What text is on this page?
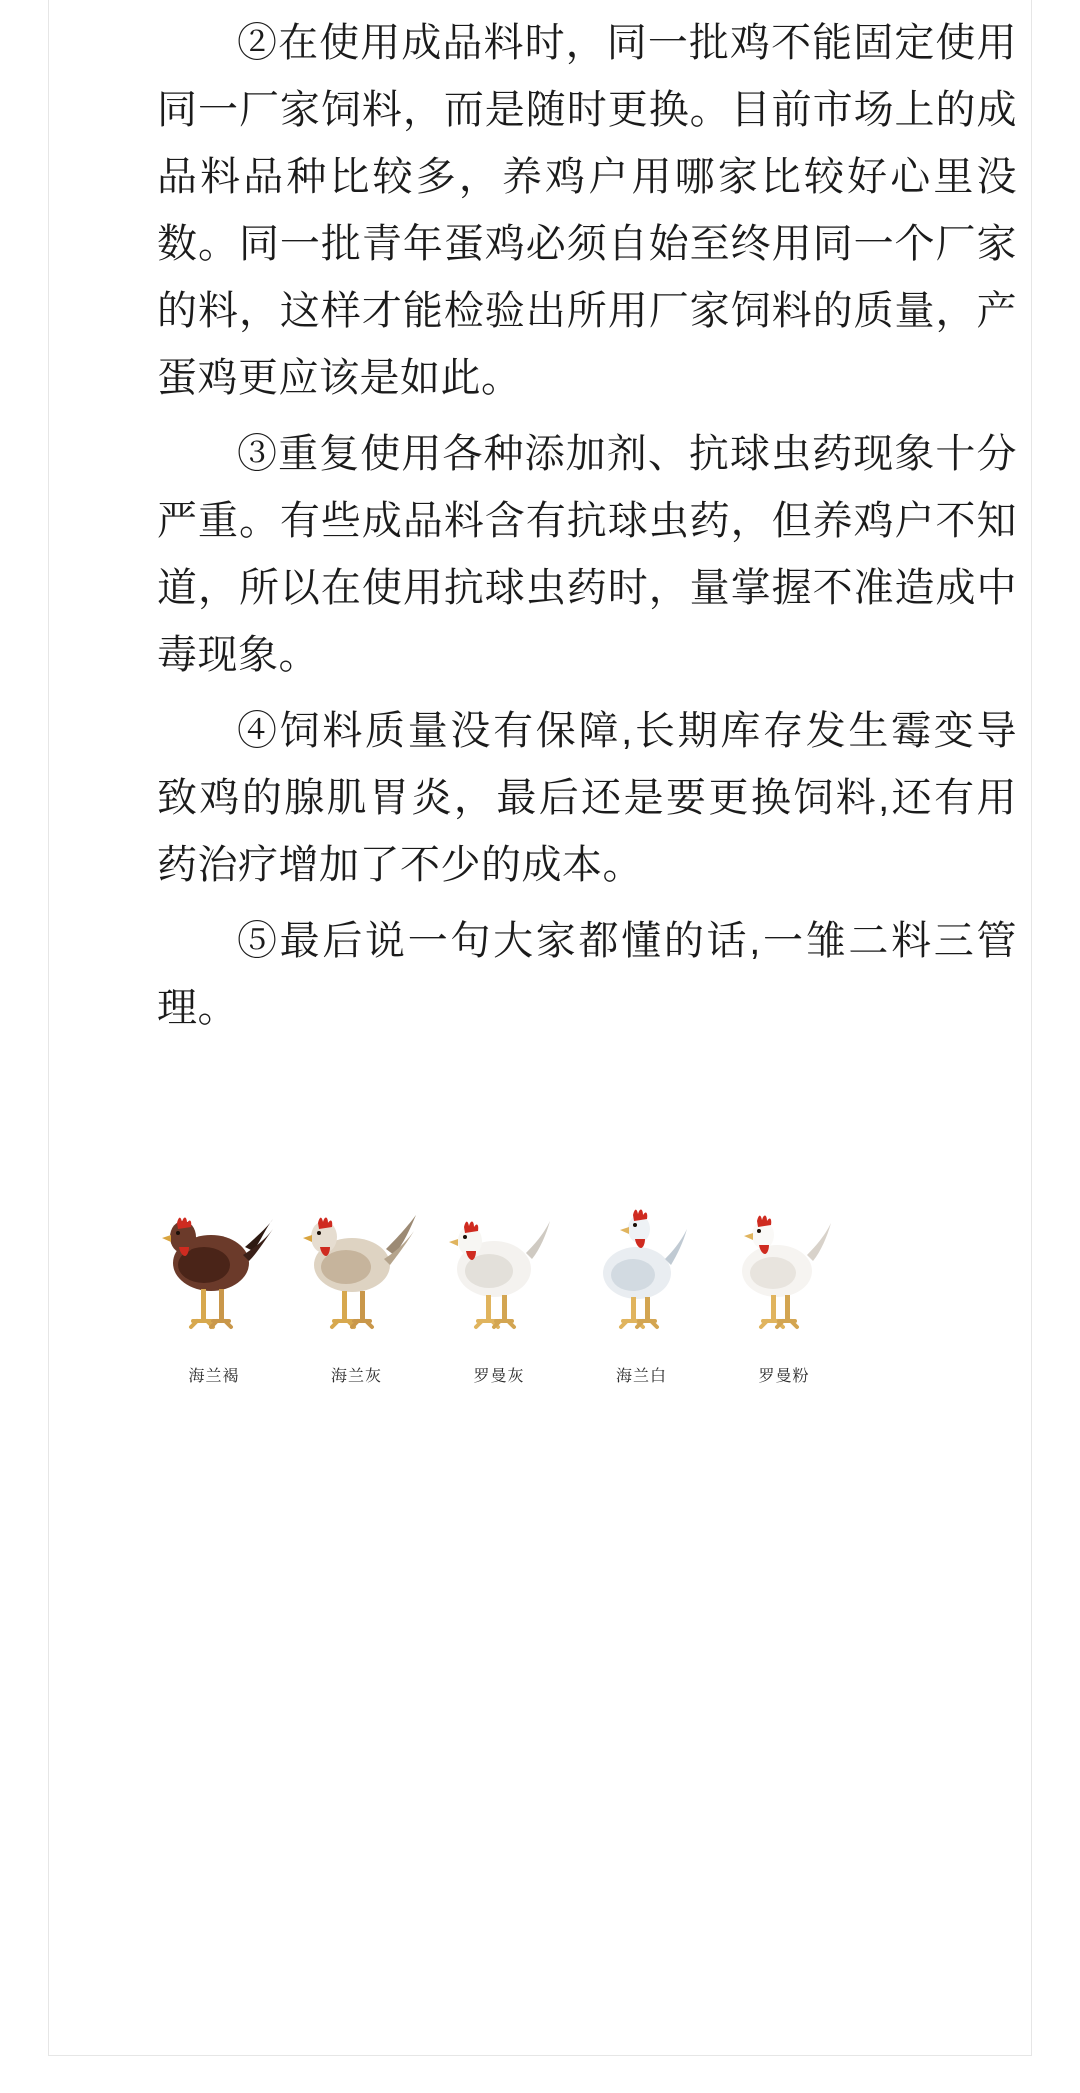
②在使用成品料时，同一批鸡不能固定使用同一厂家饲料，而是随时更换。目前市场上的成品料品种比较多，养鸡户用哪家比较好心里没数。同一批青年蛋鸡必须自始至终用同一个厂家的料，这样才能检验出所用厂家饲料的质量，产蛋鸡更应该是如此。

③重复使用各种添加剂、抗球虫药现象十分严重。有些成品料含有抗球虫药，但养鸡户不知道，所以在使用抗球虫药时，量掌握不准造成中毒现象。

④饲料质量没有保障,长期库存发生霉变导致鸡的腺肌胃炎，最后还是要更换饲料,还有用药治疗增加了不少的成本。

⑤最后说一句大家都懂的话,一雏二料三管理。

海兰褐	海兰灰	罗曼灰	海兰白	罗曼粉
